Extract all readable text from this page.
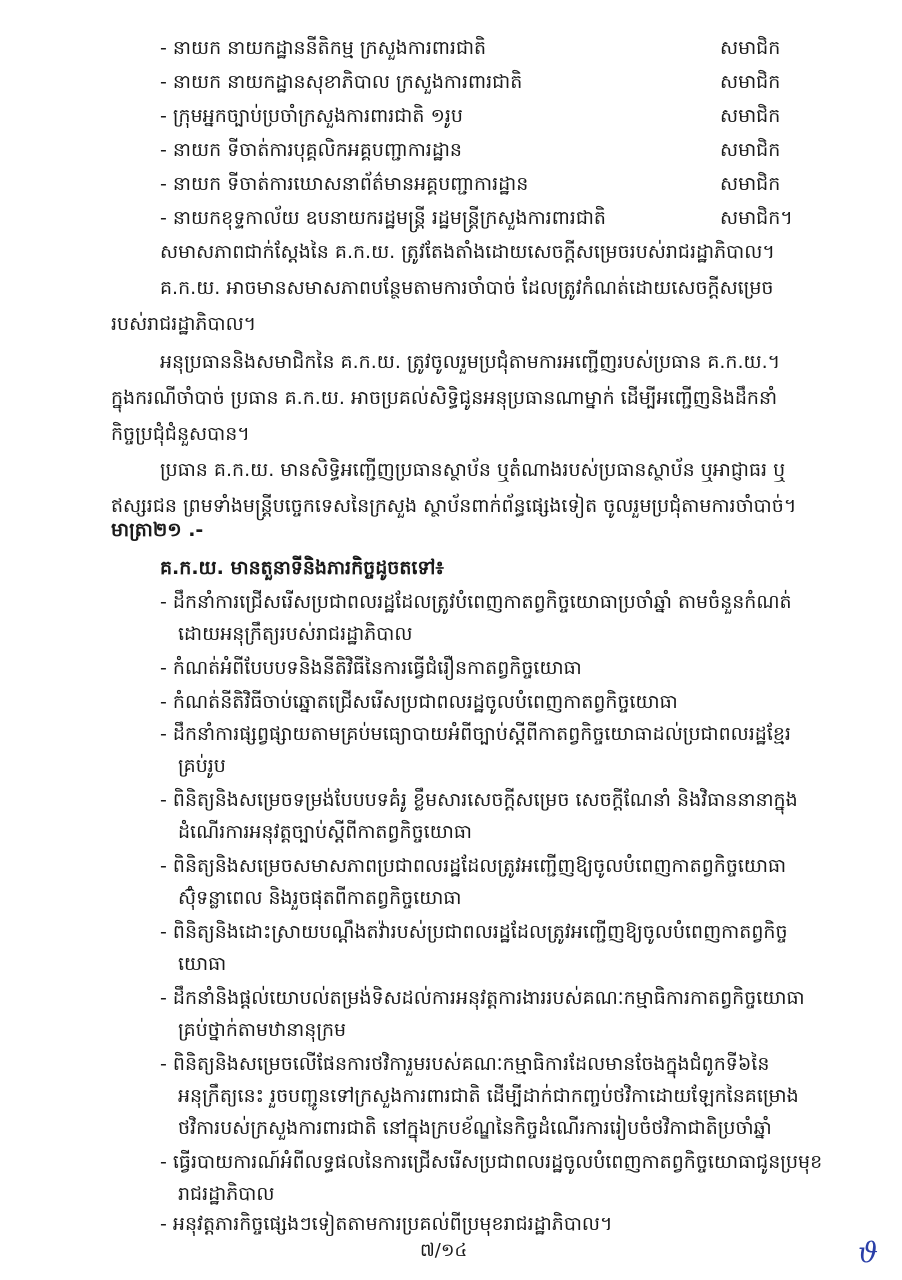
- នាយក នាយកដ្ឋាននីតិកម្ម ក្រសួងការពារជាតិ	សមាជិក
- នាយក នាយកដ្ឋានសុខាភិបាល ក្រសួងការពារជាតិ	សមាជិក
- ក្រុមអ្នកច្បាប់ប្រចាំក្រសួងការពារជាតិ ១រូប	សមាជិក
- នាយក ទីចាត់ការបុគ្គលិកអគ្គបញ្ជាការដ្ឋាន	សមាជិក
- នាយក ទីចាត់ការឃោសនាព័ត៌មានអគ្គបញ្ជាការដ្ឋាន	សមាជិក
- នាយកខុទ្ទកាល័យ ឧបនាយករដ្ឋមន្ត្រី រដ្ឋមន្ត្រីក្រសួងការពារជាតិ	សមាជិក។
សមាសភាពជាក់ស្តែងនៃ គ.ក.យ. ត្រូវតែងតាំងដោយសេចក្តីសម្រេចរបស់រាជរដ្ឋាភិបាល។
គ.ក.យ. អាចមានសមាសភាពបន្ថែមតាមការចាំបាច់ ដែលត្រូវកំណត់ដោយសេចក្តីសម្រេច
របស់រាជរដ្ឋាភិបាល។
អនុប្រធាននិងសមាជិកនៃ គ.ក.យ. ត្រូវចូលរួមប្រជុំតាមការអញ្ជើញរបស់ប្រធាន គ.ក.យ.។
ក្នុងករណីចាំបាច់ ប្រធាន គ.ក.យ. អាចប្រគល់សិទ្ធិជូនអនុប្រធានណាម្នាក់ ដើម្បីអញ្ជើញនិងដឹកនាំ
កិច្ចប្រជុំជំនួសបាន។
ប្រធាន គ.ក.យ. មានសិទ្ធិអញ្ជើញប្រធានស្ថាប័ន ឬតំណាងរបស់ប្រធានស្ថាប័ន ឬអាជ្ញាធរ ឬ
ឥស្សរជន ព្រមទាំងមន្ត្រីបច្ចេកទេសនៃក្រសួង ស្ថាប័នពាក់ព័ន្ធផ្សេងទៀត ចូលរួមប្រជុំតាមការចាំបាច់។
មាត្រា២១ .-
គ.ក.យ. មានតួនាទីនិងភារកិច្ចដូចតទៅ៖
- ដឹកនាំការជ្រើសរើសប្រជាពលរដ្ឋដែលត្រូវបំពេញកាតព្វកិច្ចយោធាប្រចាំឆ្នាំ តាមចំនួនកំណត់
ដោយអនុក្រឹត្យរបស់រាជរដ្ឋាភិបាល
- កំណត់អំពីបែបបទនិងនីតិវិធីនៃការធ្វើជំរឿនកាតព្វកិច្ចយោធា
- កំណត់នីតិវិធីចាប់ឆ្នោតជ្រើសរើសប្រជាពលរដ្ឋចូលបំពេញកាតព្វកិច្ចយោធា
- ដឹកនាំការផ្សព្វផ្សាយតាមគ្រប់មធ្យោបាយអំពីច្បាប់ស្តីពីកាតព្វកិច្ចយោធាដល់ប្រជាពលរដ្ឋខ្មែរ
គ្រប់រូប
- ពិនិត្យនិងសម្រេចទម្រង់បែបបទគំរូ ខ្លឹមសារសេចក្តីសម្រេច សេចក្តីណែនាំ និងវិធាននានាក្នុង
ដំណើរការអនុវត្តច្បាប់ស្តីពីកាតព្វកិច្ចយោធា
- ពិនិត្យនិងសម្រេចសមាសភាពប្រជាពលរដ្ឋដែលត្រូវអញ្ជើញឱ្យចូលបំពេញកាតព្វកិច្ចយោធា
ស៊ុំទន្លាពេល និងរួចផុតពីកាតព្វកិច្ចយោធា
- ពិនិត្យនិងដោះស្រាយបណ្តឹងតវ៉ារបស់ប្រជាពលរដ្ឋដែលត្រូវអញ្ជើញឱ្យចូលបំពេញកាតព្វកិច្ច
យោធា
- ដឹកនាំនិងផ្តល់យោបល់តម្រង់ទិសដល់ការអនុវត្តការងាររបស់គណៈកម្មាធិការកាតព្វកិច្ចយោធា
គ្រប់ថ្នាក់តាមឋានានុក្រម
- ពិនិត្យនិងសម្រេចលើផែនការថវិការួមរបស់គណៈកម្មាធិការដែលមានចែងក្នុងជំពូកទី៦នៃ
អនុក្រឹត្យនេះ រួចបញ្ជូនទៅក្រសួងការពារជាតិ ដើម្បីដាក់ជាកញ្ចប់ថវិកាដោយឡែកនៃគម្រោង
ថវិការបស់ក្រសួងការពារជាតិ នៅក្នុងក្របខ័ណ្ឌនៃកិច្ចដំណើរការរៀបចំថវិកាជាតិប្រចាំឆ្នាំ
- ធ្វើរបាយការណ៍អំពីលទ្ធផលនៃការជ្រើសរើសប្រជាពលរដ្ឋចូលបំពេញកាតព្វកិច្ចយោធាជូនប្រមុខ
រាជរដ្ឋាភិបាល
- អនុវត្តភារកិច្ចផ្សេងៗទៀតតាមការប្រគល់ពីប្រមុខរាជរដ្ឋាភិបាល។
៧/១៤	ϑ
